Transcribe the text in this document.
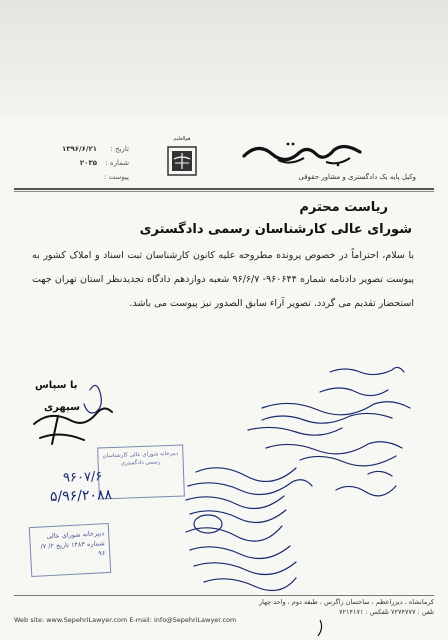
تاریخ :
۱۳۹۶/۶/۲۱
شماره :
۲۰۳۵
پیوست :
هوالعلیم
وکیل پایه یک دادگستری و مشاور حقوقی
ریاست محترم
شورای عالی کارشناسان رسمی دادگستری
با سلام، احتراماً در خصوص پرونده مطروحه علیه کانون کارشناسان ثبت اسناد و املاک کشور به پیوست تصویر دادنامه شماره ۹۶۰۶۴۴- ۹۶/۶/۷ شعبه دوازدهم دادگاه تجدیدنظر استان تهران جهت استحضار تقدیم می گردد. تصویر آراء سابق الصدور نیز پیوست می باشد.
با سپاس
سپهری
دبیرخانه شورای عالی کارشناسان رسمی دادگستری
دبیرخانه شورای عالی شماره ۱۴۸۳ تاریخ ۲/ ۷/ ۹۶
۹۶۰۷/۶
۵/۹۶/۲۰۸۸
کرمانشاه ، دیزراعظم ، ساختمان زاگرس ، طبقه دوم ، واحد چهار
تلفن : ۷۲۷۴۷۷۷ تلفکس : ۷۲۱۴۱۷۱
Web site: www.SepehriLawyer.com E-mail: info@SepehriLawyer.com
